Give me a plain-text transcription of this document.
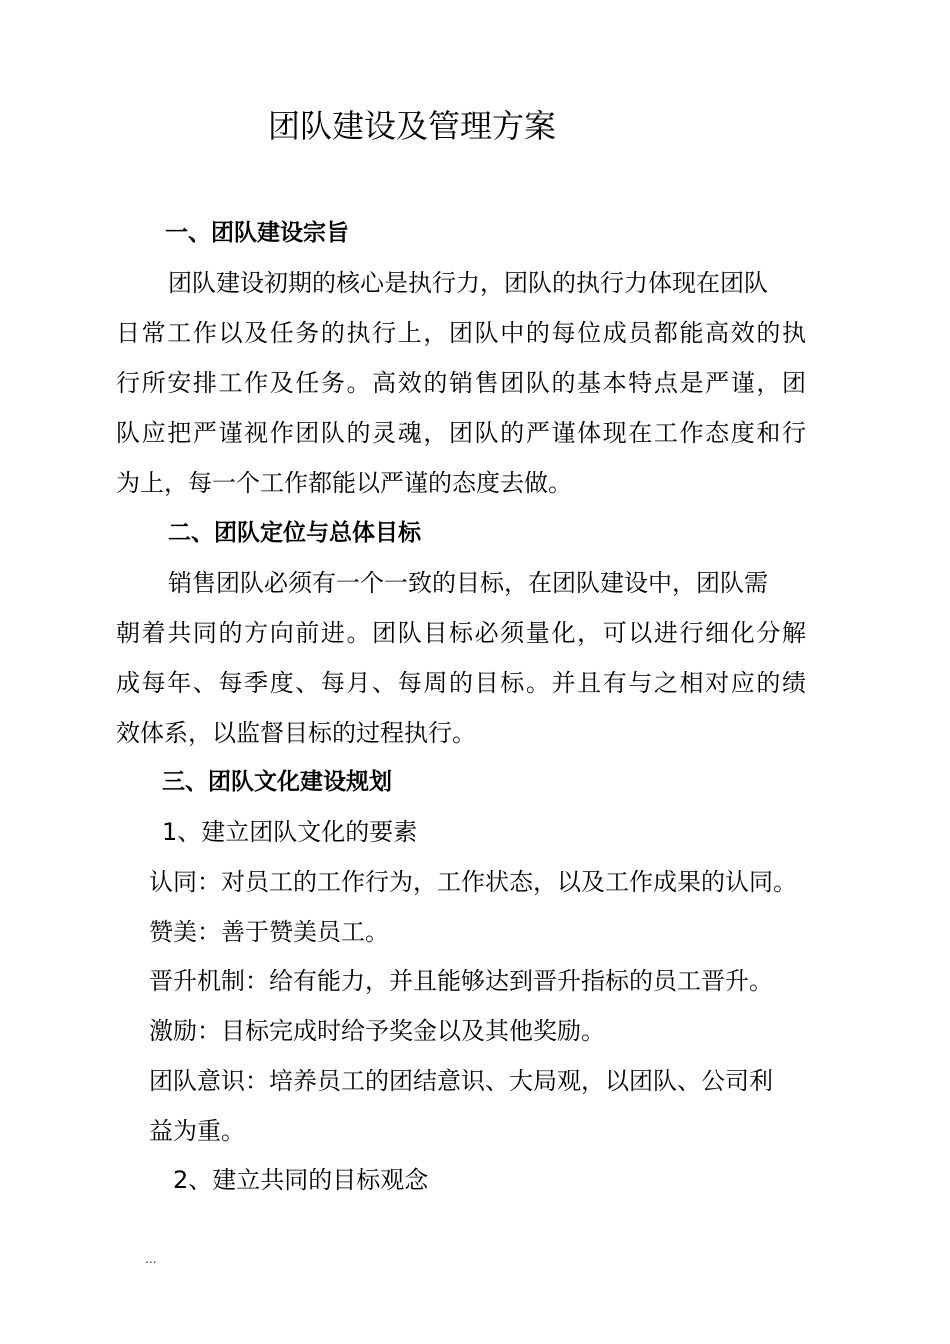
团队建设及管理方案

一、团队建设宗旨

团队建设初期的核心是执行力，团队的执行力体现在团队

日常工作以及任务的执行上，团队中的每位成员都能高效的执

行所安排工作及任务。高效的销售团队的基本特点是严谨，团

队应把严谨视作团队的灵魂，团队的严谨体现在工作态度和行

为上，每一个工作都能以严谨的态度去做。

二、团队定位与总体目标

销售团队必须有一个一致的目标，在团队建设中，团队需

朝着共同的方向前进。团队目标必须量化，可以进行细化分解

成每年、每季度、每月、每周的目标。并且有与之相对应的绩

效体系，以监督目标的过程执行。

三、团队文化建设规划

1、建立团队文化的要素

认同：对员工的工作行为，工作状态，以及工作成果的认同。

赞美：善于赞美员工。

晋升机制：给有能力，并且能够达到晋升指标的员工晋升。

激励：目标完成时给予奖金以及其他奖励。

团队意识：培养员工的团结意识、大局观，以团队、公司利

益为重。

2、建立共同的目标观念

...
